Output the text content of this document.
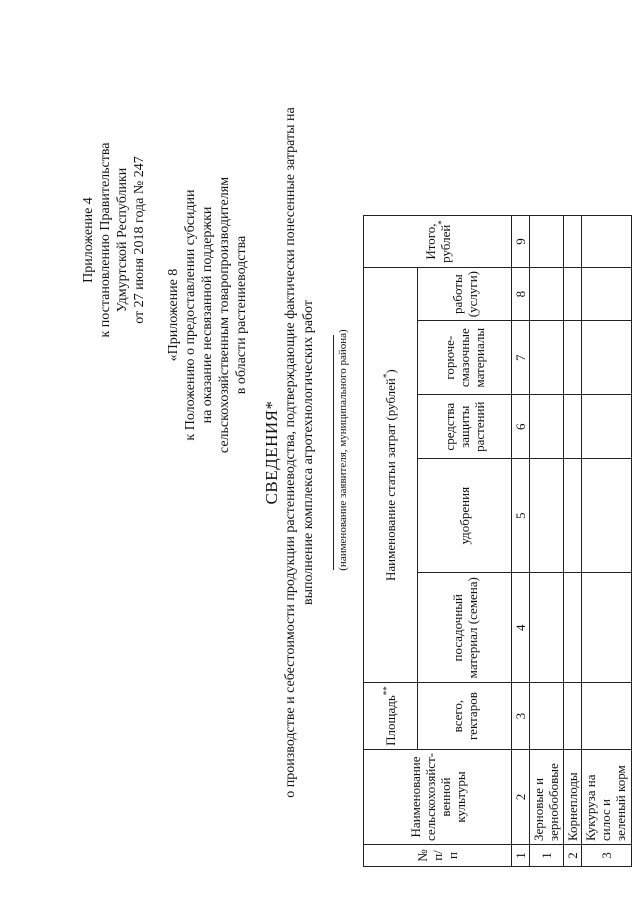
Приложение 4 к постановлению Правительства Удмуртской Республики от 27 июня 2018 года № 247 «Приложение 8 к Положению о предоставлении субсидии на оказание несвязанной поддержки сельскохозяйственным товаропроизводителям в области растениеводства
СВЕДЕНИЯ* о производстве и себестоимости продукции растениеводства, подтверждающие фактически понесенные затраты на выполнение комплекса агротехнологических работ (наименование заявителя, муниципального района)
№ п/п	Наименование сельскохозяйст-венной культуры	Площадь**	Наименование статьи затрат (рублей*)					Итого, рублей*
		всего, гектаров	посадочный материал (семена)	удобрения	средства защиты растений	горюче-смазочные материалы	работы (услуги)	
1	2	3	4	5	6	7	8	9
1	Зерновые и зернобобовые							
2	Корнеплоды							
3	Кукуруза на силос и зеленый корм							
